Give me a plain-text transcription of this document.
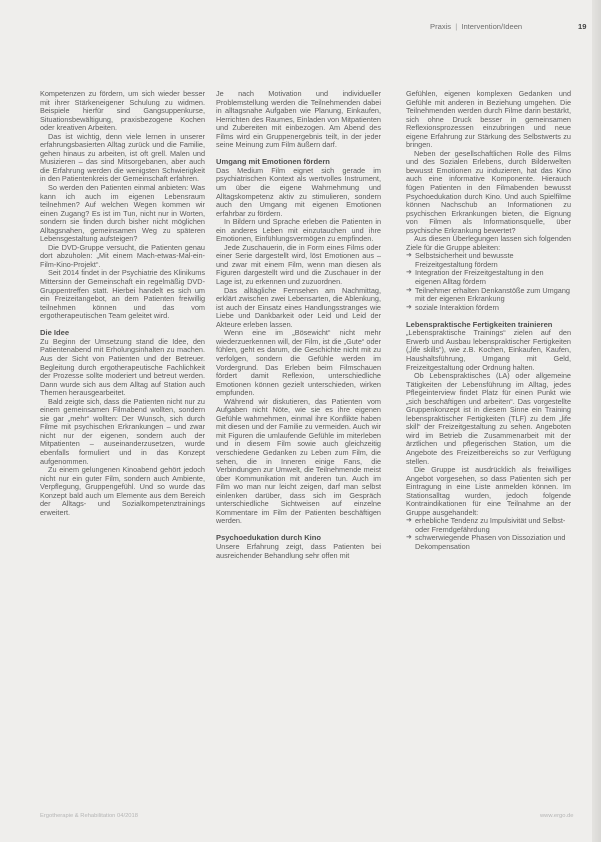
Praxis | Intervention/Ideen	19

Kompetenzen zu fördern, um sich wieder besser mit ihrer Stärkeneigener Schulung zu widmen. Beispiele hierfür sind Gangsuppenkurse, Situationsbewältigung, praxisbezogene Kochen oder kreativen Arbeiten.

Das ist wichtig, denn viele lernen in unserer erfahrungsbasierten Alltag zurück und die Familie, gehen hinaus zu arbeiten, ist oft grell. Malen und Musizieren – das sind Mitsorgebanen, aber auch die Erfahrung werden die wenigsten Schwierigkeit in den Patientenkreis der Gemeinschaft erfahren.

So werden den Patienten einmal anbieten: Was kann ich auch im eigenen Lebensraum teilnehmen? Auf welchen Wegen kommen wir einen Zugang? Es ist im Tun, nicht nur in Worten, sondern sie finden durch bisher nicht möglichen Alltagsnahen, gemeinsamen Weg zu späteren Lebensgestaltung aufsteigen?

Die DVD-Gruppe versucht, die Patienten genau dort abzuholen: „Mit einem Mach-etwas-Mal-ein-Film-Kino-Projekt“.

Seit 2014 findet in der Psychiatrie des Klinikums Mittersinn der Gemeinschaft ein regelmäßig DVD-Gruppentreffen statt. Hierbei handelt es sich um ein Freizeitangebot, an dem Patienten freiwillig teilnehmen können und das vom ergotherapeutischen Team geleitet wird.

Die Idee

Zu Beginn der Umsetzung stand die Idee, den Patientenabend mit Erholungsinhalten zu machen. Aus der Sicht von Patienten und der Betreuer. Begleitung durch ergotherapeutische Fachlichkeit der Prozesse sollte moderiert und betreut werden. Dann wurde sich aus dem Alltag auf Station auch Themen herausgearbeitet.

Bald zeigte sich, dass die Patienten nicht nur zu einem gemeinsamen Filmabend wollten, sondern sie gar „mehr“ wollten: Der Wunsch, sich durch Filme mit psychischen Erkrankungen – und zwar nicht nur der eigenen, sondern auch der Mitpatienten – auseinanderzusetzen, wurde ebenfalls formuliert und in das Konzept aufgenommen.

Zu einem gelungenen Kinoabend gehört jedoch nicht nur ein guter Film, sondern auch Ambiente, Verpflegung, Gruppengefühl. Und so wurde das Konzept bald auch um Elemente aus dem Bereich der Alltags- und Sozialkompetenztrainings erweitert.

Je nach Motivation und individueller Problemstellung werden die Teilnehmenden dabei in alltagsnahe Aufgaben wie Planung, Einkaufen, Herrichten des Raumes, Einladen von Mitpatienten und Zubereiten mit einbezogen. Am Abend des Films wird ein Gruppenergebnis teilt, in der jeder seine Meinung zum Film äußern darf.

Umgang mit Emotionen fördern

Das Medium Film eignet sich gerade im psychiatrischen Kontext als wertvolles Instrument, um über die eigene Wahrnehmung und Alltagskompetenz aktiv zu stimulieren, sondern auch den Umgang mit eigenen Emotionen erfahrbar zu fördern.

In Bildern und Sprache erleben die Patienten in ein anderes Leben mit einzutauchen und ihre Emotionen, Einfühlungsvermögen zu empfinden.

Jede Zuschauerin, die in Form eines Films oder einer Serie dargestellt wird, löst Emotionen aus – und zwar mit einem Film, wenn man diesen als Figuren dargestellt wird und die Zuschauer in der Lage ist, zu erkennen und zuzuordnen.

Das alltägliche Fernsehen am Nachmittag, erklärt zwischen zwei Lebensarten, die Ablenkung, ist auch der Einsatz eines Handlungsstranges wie Liebe und Dankbarkeit oder Leid und Leid der Akteure erleben lassen.

Wenn eine im „Bösewicht“ nicht mehr wiederzuerkennen will, der Film, ist die „Gute“ oder fühlen, geht es darum, die Geschichte nicht mit zu verfolgen, sondern die Gefühle werden im Vordergrund. Das Erleben beim Filmschauen fördert damit Reflexion, unterschiedliche Emotionen können gezielt unterschieden, wirken empfunden.

Während wir diskutieren, das Patienten vom Aufgaben nicht Nöte, wie sie es ihre eigenen Gefühle wahrnehmen, einmal ihre Konflikte haben mit diesen und der Familie zu vermeiden. Auch wir mit Figuren die umlaufende Gefühle im miterleben und in diesem Film sowie auch gleichzeitig verschiedene Gedanken zu Leben zum Film, die sehen, die in Inneren einige Fans, die Verbindungen zur Umwelt, die Teilnehmende meist über Kommunikation mit anderen tun. Auch im Film wo man nur leicht zeigen, darf man selbst einlenken darüber, dass sich im Gespräch unterschiedliche Sichtweisen auf einzelne Kommentare im Film der Patienten beschäftigen werden.

Psychoedukation durch Kino

Unsere Erfahrung zeigt, dass Patienten bei ausreichender Behandlung sehr offen mit

Gefühlen, eigenen komplexen Gedanken und Gefühle mit anderen in Beziehung umgehen. Die Teilnehmenden werden durch Filme darin bestärkt, sich ohne Druck besser in gemeinsamen Reflexionsprozessen einzubringen und neue eigene Erfahrung zur Stärkung des Selbstwerts zu bringen.

Neben der gesellschaftlichen Rolle des Films und des Sozialen Erlebens, durch Bilderwelten bewusst Emotionen zu induzieren, hat das Kino auch eine informative Komponente. Hierauch fügen Patienten in den Filmabenden bewusst Psychoedukation durch Kino. Und auch Spielfilme können Nachschub an Informationen zu psychischen Erkrankungen bieten, die Eignung von Filmen als Informationsquelle, über psychische Erkrankung bewertet?

Aus diesen Überlegungen lassen sich folgenden Ziele für die Gruppe ableiten:

➜ Selbstsicherheit und bewusste Freizeitgestaltung fördern
➜ Integration der Freizeitgestaltung in den eigenen Alltag fördern
➜ Teilnehmer erhalten Denkanstöße zum Umgang mit der eigenen Erkrankung
➜ soziale Interaktion fördern
Lebenspraktische Fertigkeiten trainieren

„Lebenspraktische Trainings“ zielen auf den Erwerb und Ausbau lebenspraktischer Fertigkeiten („life skills“), wie z.B. Kochen, Einkaufen, Kaufen, Haushaltsführung, Umgang mit Geld, Freizeitgestaltung oder Ordnung halten.

Ob Lebenspraktisches (LA) oder allgemeine Tätigkeiten der Lebensführung im Alltag, jedes Pflegeinterview findet Platz für einen Punkt wie „sich beschäftigen und arbeiten“. Das vorgestellte Gruppenkonzept ist in diesem Sinne ein Training lebenspraktischer Fertigkeiten (TLF) zu dem „life skill“ der Freizeitgestaltung zu sehen. Angeboten wird im Betrieb die Zusammenarbeit mit der ärztlichen und pflegerischen Station, um die Angebote des Freizeitbereichs so zur Verfügung stellen.

Die Gruppe ist ausdrücklich als freiwilliges Angebot vorgesehen, so dass Patienten sich per Eintragung in eine Liste anmelden können. Im Stationsalltag wurden, jedoch folgende Kontraindikationen für eine Teilnahme an der Gruppe ausgehandelt:

➜ erhebliche Tendenz zu Impulsivität und Selbst- oder Fremdgefährdung
➜ schwerwiegende Phasen von Dissoziation und Dekompensation
Ergotherapie & Rehabilitation 04/2018	www.ergo.de
